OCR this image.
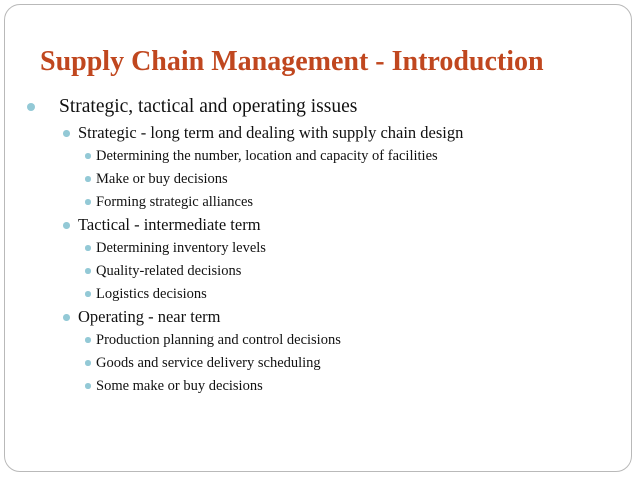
Supply Chain Management - Introduction
Strategic, tactical and operating issues
Strategic - long term and dealing with supply chain design
Determining the number, location and capacity of facilities
Make or buy decisions
Forming strategic alliances
Tactical - intermediate term
Determining inventory levels
Quality-related decisions
Logistics decisions
Operating - near term
Production planning and control decisions
Goods and service delivery scheduling
Some make or buy decisions
